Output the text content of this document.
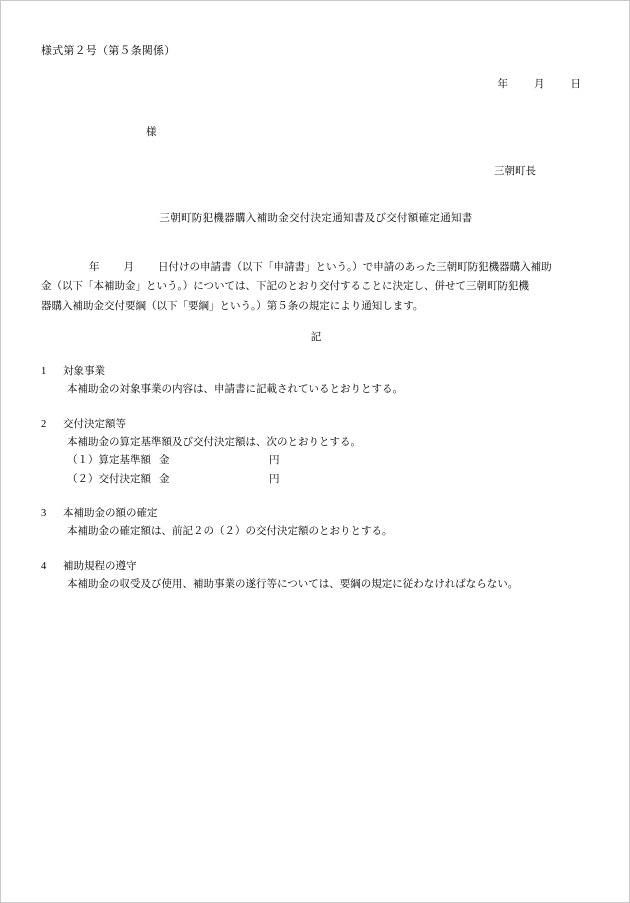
様式第２号（第５条関係）
年 月 日
様
三朝町長
三朝町防犯機器購入補助金交付決定通知書及び交付額確定通知書
年 月 日付けの申請書（以下「申請書」という。）で申請のあった三朝町防犯機器購入補助
金（以下「本補助金」という。）については、下記のとおり交付することに決定し、併せて三朝町防犯機
器購入補助金交付要綱（以下「要綱」という。）第５条の規定により通知します。
記
1	対象事業
本補助金の対象事業の内容は、申請書に記載されているとおりとする。
2	交付決定額等
本補助金の算定基準額及び交付決定額は、次のとおりとする。
（１）算定基準額 金	円
（２）交付決定額 金	円
3	本補助金の額の確定
本補助金の確定額は、前記２の（２）の交付決定額のとおりとする。
4	補助規程の遵守
本補助金の収受及び使用、補助事業の遂行等については、要綱の規定に従わなければならない。
